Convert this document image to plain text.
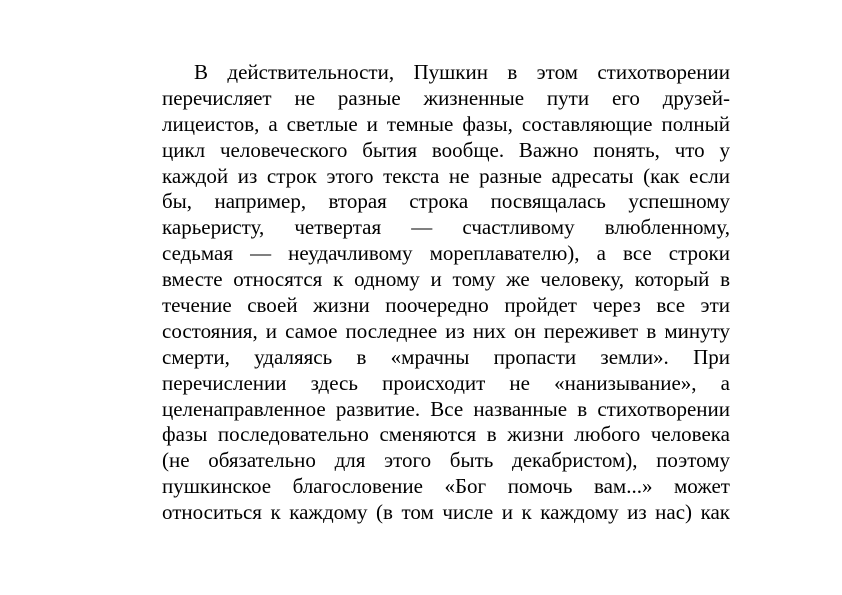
В действительности, Пушкин в этом стихотворении
перечисляет не разные жизненные пути его друзей-
лицеистов, а светлые и темные фазы, составляющие полный
цикл человеческого бытия вообще. Важно понять, что у
каждой из строк этого текста не разные адресаты (как если
бы, например, вторая строка посвящалась успешному
карьеристу, четвертая — счастливому влюбленному,
седьмая — неудачливому мореплавателю), а все строки
вместе относятся к одному и тому же человеку, который в
течение своей жизни поочередно пройдет через все эти
состояния, и самое последнее из них он переживет в минуту
смерти, удаляясь в «мрачны пропасти земли». При
перечислении здесь происходит не «нанизывание», а
целенаправленное развитие. Все названные в стихотворении
фазы последовательно сменяются в жизни любого человека
(не обязательно для этого быть декабристом), поэтому
пушкинское благословение «Бог помочь вам...» может
относиться к каждому (в том числе и к каждому из нас) как
